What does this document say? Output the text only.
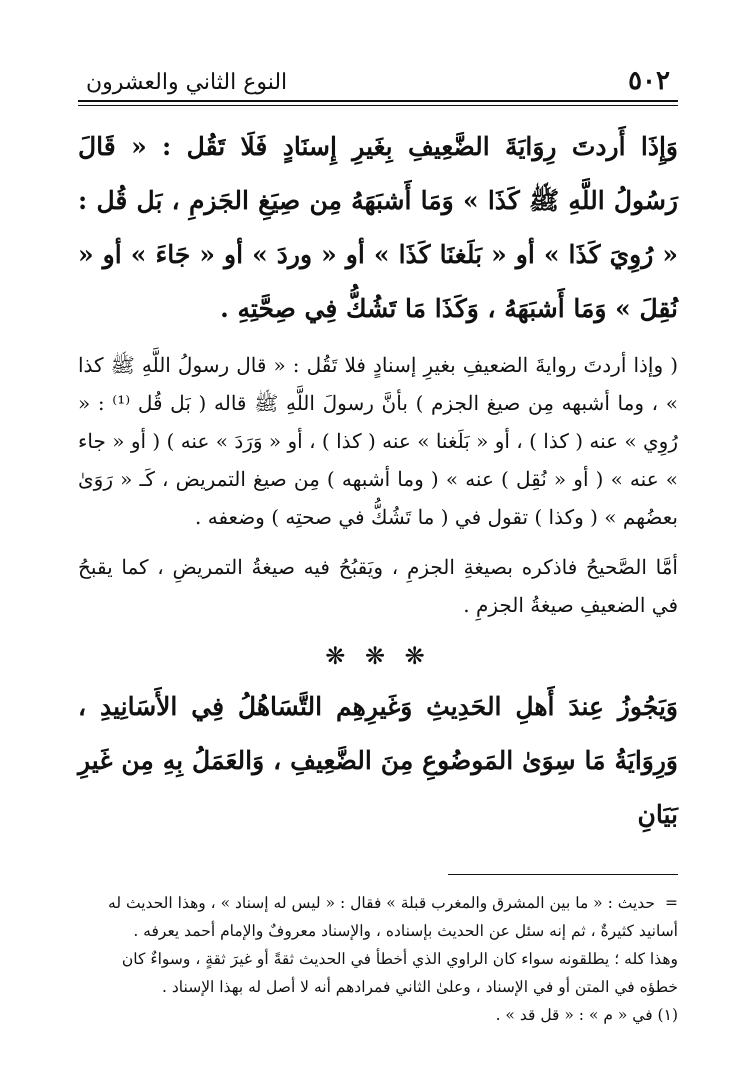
٥٠٢
النوع الثاني والعشرون

وَإِذَا أَردتَ رِوَايَةَ الضَّعِيفِ بِغَيرِ إِسنَادٍ فَلَا تَقُل : « قَالَ رَسُولُ اللَّهِ ﷺ كَذَا » وَمَا أَشبَهَهُ مِن صِيَغِ الجَزمِ ، بَل قُل : « رُوِيَ كَذَا » أو « بَلَغنَا كَذَا » أو « وردَ » أو « جَاءَ » أو « نُقِلَ » وَمَا أَشبَهَهُ ، وَكَذَا مَا تَشُكُّ فِي صِحَّتِهِ .

( وإذا أردتَ روايةَ الضعيفِ بغيرِ إسنادٍ فلا تَقُل : « قال رسولُ اللَّهِ ﷺ كذا » ، وما أشبهه مِن صيغ الجزم ) بأنَّ رسولَ اللَّهِ ﷺ قاله ( بَل قُل ⁽¹⁾ : « رُوِي » عنه ( كذا ) ، أو « بَلَغنا » عنه ( كذا ) ، أو « وَرَدَ » عنه ) ( أو « جاء » عنه » ( أو « نُقِل ) عنه » ( وما أشبهه ) مِن صيغ التمريض ، كَـ « رَوَىٰ بعضُهم » ( وكذا ) تقول في ( ما تَشُكُّ في صحتِه ) وضعفه .

أمَّا الصَّحيحُ فاذكره بصيغةِ الجزمِ ، ويَقبُحُ فيه صيغةُ التمريضِ ، كما يقبحُ في الضعيفِ صيغةُ الجزمِ .

❋ ❋ ❋

وَيَجُوزُ عِندَ أَهلِ الحَدِيثِ وَغَيرِهِم التَّسَاهُلُ فِي الأَسَانِيدِ ، وَرِوَايَةُ مَا سِوَىٰ المَوضُوعِ مِنَ الضَّعِيفِ ، وَالعَمَلُ بِهِ مِن غَيرِ بَيَانِ

=
حديث : « ما بين المشرق والمغرب قبلة » فقال : « ليس له إسناد » ، وهذا الحديث له
أسانيد كثيرةٌ ، ثم إنه سئل عن الحديث بإسناده ، والإسناد معروفٌ والإمام أحمد يعرفه .
وهذا كله ؛ يطلقونه سواء كان الراوي الذي أخطأ في الحديث ثقةً أو غيرَ ثقةٍ ، وسواءٌ كان
خطؤه في المتن أو في الإسناد ، وعلىٰ الثاني فمرادهم أنه لا أصل له بهذا الإسناد .
(١) في « م » : « قل قد » .
